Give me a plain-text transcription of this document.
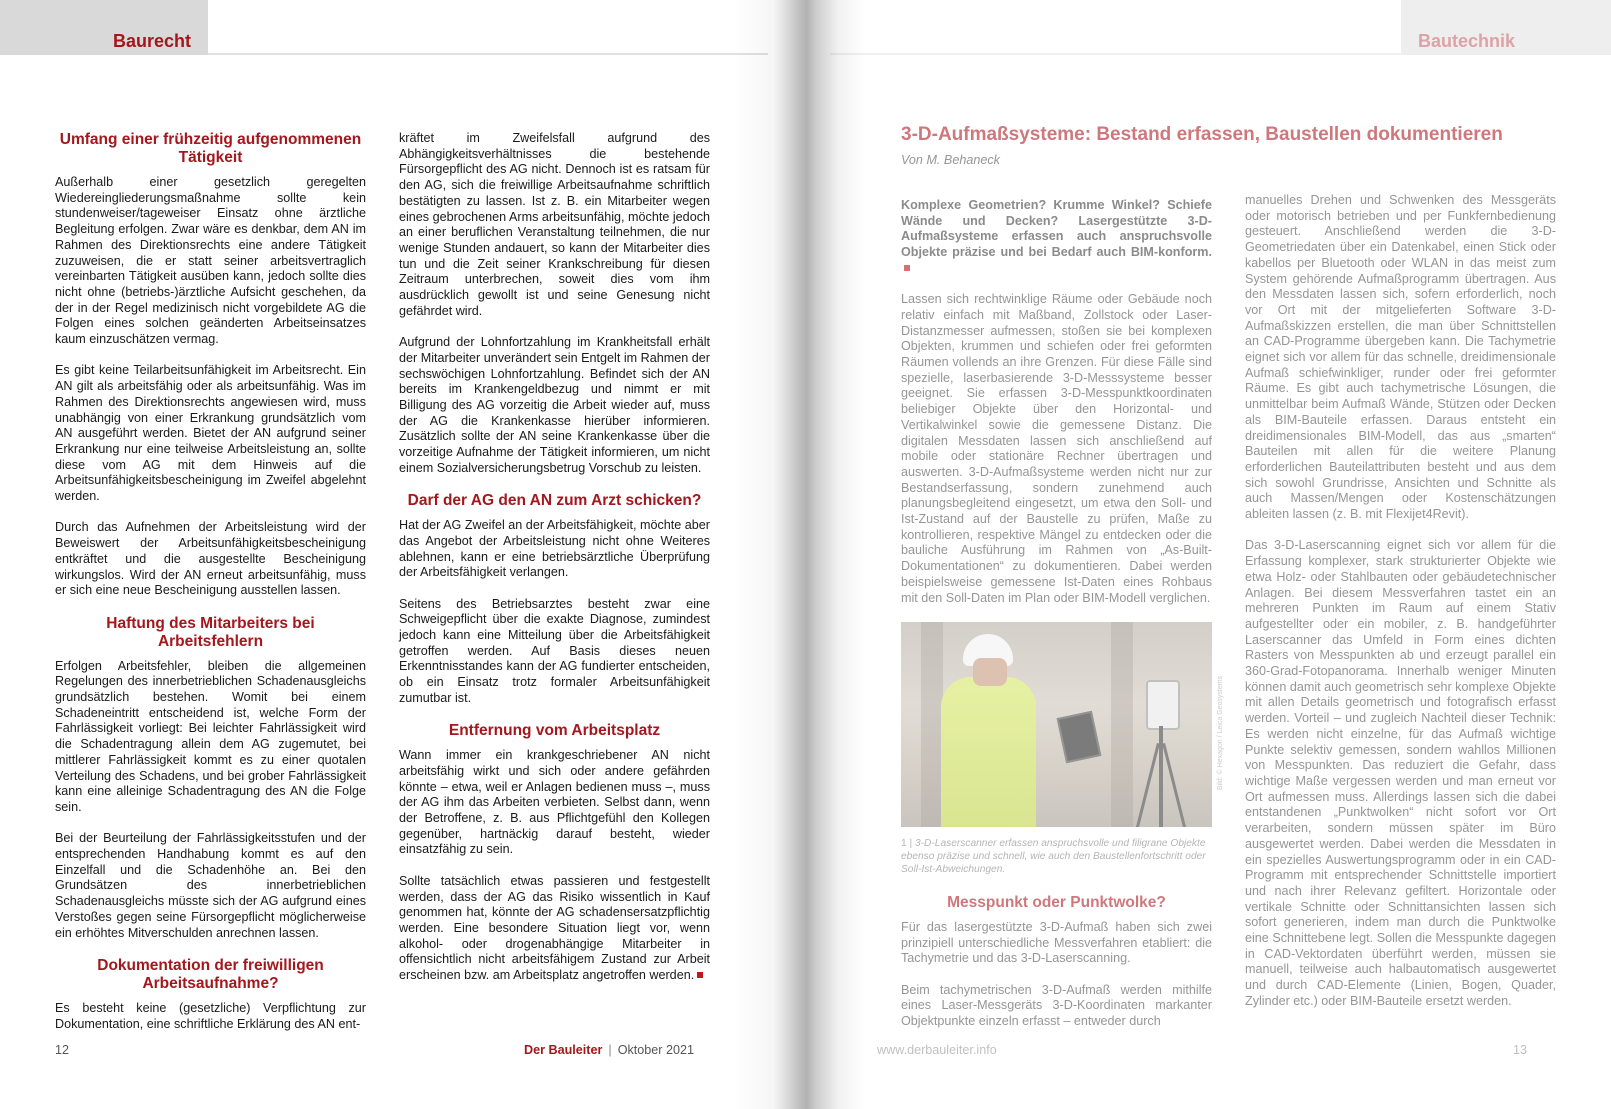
Baurecht
Umfang einer frühzeitig aufgenommenen Tätigkeit

Außerhalb einer gesetzlich geregelten Wiedereingliederungsmaßnahme sollte kein stundenweiser/tageweiser Einsatz ohne ärztliche Begleitung erfolgen. Zwar wäre es denkbar, dem AN im Rahmen des Direktionsrechts eine andere Tätigkeit zuzuweisen, die er statt seiner arbeitsvertraglich vereinbarten Tätigkeit ausüben kann, jedoch sollte dies nicht ohne (betriebs-)ärztliche Aufsicht geschehen, da der in der Regel medizinisch nicht vorgebildete AG die Folgen eines solchen geänderten Arbeitseinsatzes kaum einzuschätzen vermag.

Es gibt keine Teilarbeitsunfähigkeit im Arbeitsrecht. Ein AN gilt als arbeitsfähig oder als arbeitsunfähig. Was im Rahmen des Direktionsrechts angewiesen wird, muss unabhängig von einer Erkrankung grundsätzlich vom AN ausgeführt werden. Bietet der AN aufgrund seiner Erkrankung nur eine teilweise Arbeitsleistung an, sollte diese vom AG mit dem Hinweis auf die Arbeitsunfähigkeitsbescheinigung im Zweifel abgelehnt werden.

Durch das Aufnehmen der Arbeitsleistung wird der Beweiswert der Arbeitsunfähigkeitsbescheinigung entkräftet und die ausgestellte Bescheinigung wirkungslos. Wird der AN erneut arbeitsunfähig, muss er sich eine neue Bescheinigung ausstellen lassen.

Haftung des Mitarbeiters bei Arbeitsfehlern

Erfolgen Arbeitsfehler, bleiben die allgemeinen Regelungen des innerbetrieblichen Schadenausgleichs grundsätzlich bestehen. Womit bei einem Schadeneintritt entscheidend ist, welche Form der Fahrlässigkeit vorliegt: Bei leichter Fahrlässigkeit wird die Schadentragung allein dem AG zugemutet, bei mittlerer Fahrlässigkeit kommt es zu einer quotalen Verteilung des Schadens, und bei grober Fahrlässigkeit kann eine alleinige Schadentragung des AN die Folge sein.

Bei der Beurteilung der Fahrlässigkeitsstufen und der entsprechenden Handhabung kommt es auf den Einzelfall und die Schadenhöhe an. Bei den Grundsätzen des innerbetrieblichen Schadenausgleichs müsste sich der AG aufgrund eines Verstoßes gegen seine Fürsorgepflicht möglicherweise ein erhöhtes Mitverschulden anrechnen lassen.

Dokumentation der freiwilligen Arbeitsaufnahme?

Es besteht keine (gesetzliche) Verpflichtung zur Dokumentation, eine schriftliche Erklärung des AN ent-

kräftet im Zweifelsfall aufgrund des Abhängigkeitsverhältnisses die bestehende Fürsorgepflicht des AG nicht. Dennoch ist es ratsam für den AG, sich die freiwillige Arbeitsaufnahme schriftlich bestätigten zu lassen. Ist z. B. ein Mitarbeiter wegen eines gebrochenen Arms arbeitsunfähig, möchte jedoch an einer beruflichen Veranstaltung teilnehmen, die nur wenige Stunden andauert, so kann der Mitarbeiter dies tun und die Zeit seiner Krankschreibung für diesen Zeitraum unterbrechen, soweit dies vom ihm ausdrücklich gewollt ist und seine Genesung nicht gefährdet wird.

Aufgrund der Lohnfortzahlung im Krankheitsfall erhält der Mitarbeiter unverändert sein Entgelt im Rahmen der sechswöchigen Lohnfortzahlung. Befindet sich der AN bereits im Krankengeldbezug und nimmt er mit Billigung des AG vorzeitig die Arbeit wieder auf, muss der AG die Krankenkasse hierüber informieren. Zusätzlich sollte der AN seine Krankenkasse über die vorzeitige Aufnahme der Tätigkeit informieren, um nicht einem Sozialversicherungsbetrug Vorschub zu leisten.

Darf der AG den AN zum Arzt schicken?

Hat der AG Zweifel an der Arbeitsfähigkeit, möchte aber das Angebot der Arbeitsleistung nicht ohne Weiteres ablehnen, kann er eine betriebsärztliche Überprüfung der Arbeitsfähigkeit verlangen.

Seitens des Betriebsarztes besteht zwar eine Schweigepflicht über die exakte Diagnose, zumindest jedoch kann eine Mitteilung über die Arbeitsfähigkeit getroffen werden. Auf Basis dieses neuen Erkenntnisstandes kann der AG fundierter entscheiden, ob ein Einsatz trotz formaler Arbeitsunfähigkeit zumutbar ist.

Entfernung vom Arbeitsplatz

Wann immer ein krankgeschriebener AN nicht arbeitsfähig wirkt und sich oder andere gefährden könnte – etwa, weil er Anlagen bedienen muss –, muss der AG ihm das Arbeiten verbieten. Selbst dann, wenn der Betroffene, z. B. aus Pflichtgefühl den Kollegen gegenüber, hartnäckig darauf besteht, wieder einsatzfähig zu sein.

Sollte tatsächlich etwas passieren und festgestellt werden, dass der AG das Risiko wissentlich in Kauf genommen hat, könnte der AG schadensersatzpflichtig werden. Eine besondere Situation liegt vor, wenn alkohol- oder drogenabhängige Mitarbeiter in offensichtlich nicht arbeitsfähigem Zustand zur Arbeit erscheinen bzw. am Arbeitsplatz angetroffen werden.

12	Der Bauleiter | Oktober 2021
Bautechnik
3-D-Aufmaßsysteme: Bestand erfassen, Baustellen dokumentieren
Von M. Behaneck

Komplexe Geometrien? Krumme Winkel? Schiefe Wände und Decken? Lasergestützte 3-D-Aufmaßsysteme erfassen auch anspruchsvolle Objekte präzise und bei Bedarf auch BIM-konform.

Lassen sich rechtwinklige Räume oder Gebäude noch relativ einfach mit Maßband, Zollstock oder Laser-Distanzmesser aufmessen, stoßen sie bei komplexen Objekten, krummen und schiefen oder frei geformten Räumen vollends an ihre Grenzen. Für diese Fälle sind spezielle, laserbasierende 3-D-Messsysteme besser geeignet. Sie erfassen 3-D-Messpunktkoordinaten beliebiger Objekte über den Horizontal- und Vertikalwinkel sowie die gemessene Distanz. Die digitalen Messdaten lassen sich anschließend auf mobile oder stationäre Rechner übertragen und auswerten. 3-D-Aufmaßsysteme werden nicht nur zur Bestandserfassung, sondern zunehmend auch planungsbegleitend eingesetzt, um etwa den Soll- und Ist-Zustand auf der Baustelle zu prüfen, Maße zu kontrollieren, respektive Mängel zu entdecken oder die bauliche Ausführung im Rahmen von „As-Built-Dokumentationen“ zu dokumentieren. Dabei werden beispielsweise gemessene Ist-Daten eines Rohbaus mit den Soll-Daten im Plan oder BIM-Modell verglichen.

1 | 3-D-Laserscanner erfassen anspruchsvolle und filigrane Objekte ebenso präzise und schnell, wie auch den Baustellenfortschritt oder Soll-Ist-Abweichungen.
Messpunkt oder Punktwolke?

Für das lasergestützte 3-D-Aufmaß haben sich zwei prinzipiell unterschiedliche Messverfahren etabliert: die Tachymetrie und das 3-D-Laserscanning.

Beim tachymetrischen 3-D-Aufmaß werden mithilfe eines Laser-Messgeräts 3-D-Koordinaten markanter Objektpunkte einzeln erfasst – entweder durch

Bild: © Hexagon / Leica Geosystems

manuelles Drehen und Schwenken des Messgeräts oder motorisch betrieben und per Funkfernbedienung gesteuert. Anschließend werden die 3-D-Geometriedaten über ein Datenkabel, einen Stick oder kabellos per Bluetooth oder WLAN in das meist zum System gehörende Aufmaßprogramm übertragen. Aus den Messdaten lassen sich, sofern erforderlich, noch vor Ort mit der mitgelieferten Software 3-D-Aufmaßskizzen erstellen, die man über Schnittstellen an CAD-Programme übergeben kann. Die Tachymetrie eignet sich vor allem für das schnelle, dreidimensionale Aufmaß schiefwinkliger, runder oder frei geformter Räume. Es gibt auch tachymetrische Lösungen, die unmittelbar beim Aufmaß Wände, Stützen oder Decken als BIM-Bauteile erfassen. Daraus entsteht ein dreidimensionales BIM-Modell, das aus „smarten“ Bauteilen mit allen für die weitere Planung erforderlichen Bauteilattributen besteht und aus dem sich sowohl Grundrisse, Ansichten und Schnitte als auch Massen/Mengen oder Kostenschätzungen ableiten lassen (z. B. mit Flexijet4Revit).

Das 3-D-Laserscanning eignet sich vor allem für die Erfassung komplexer, stark strukturierter Objekte wie etwa Holz- oder Stahlbauten oder gebäudetechnischer Anlagen. Bei diesem Messverfahren tastet ein an mehreren Punkten im Raum auf einem Stativ aufgestellter oder ein mobiler, z. B. handgeführter Laserscanner das Umfeld in Form eines dichten Rasters von Messpunkten ab und erzeugt parallel ein 360-Grad-Fotopanorama. Innerhalb weniger Minuten können damit auch geometrisch sehr komplexe Objekte mit allen Details geometrisch und fotografisch erfasst werden. Vorteil – und zugleich Nachteil dieser Technik: Es werden nicht einzelne, für das Aufmaß wichtige Punkte selektiv gemessen, sondern wahllos Millionen von Messpunkten. Das reduziert die Gefahr, dass wichtige Maße vergessen werden und man erneut vor Ort aufmessen muss. Allerdings lassen sich die dabei entstandenen „Punktwolken“ nicht sofort vor Ort verarbeiten, sondern müssen später im Büro ausgewertet werden. Dabei werden die Messdaten in ein spezielles Auswertungsprogramm oder in ein CAD-Programm mit entsprechender Schnittstelle importiert und nach ihrer Relevanz gefiltert. Horizontale oder vertikale Schnitte oder Schnittansichten lassen sich sofort generieren, indem man durch die Punktwolke eine Schnittebene legt. Sollen die Messpunkte dagegen in CAD-Vektordaten überführt werden, müssen sie manuell, teilweise auch halbautomatisch ausgewertet und durch CAD-Elemente (Linien, Bogen, Quader, Zylinder etc.) oder BIM-Bauteile ersetzt werden.

www.derbauleiter.info	13
